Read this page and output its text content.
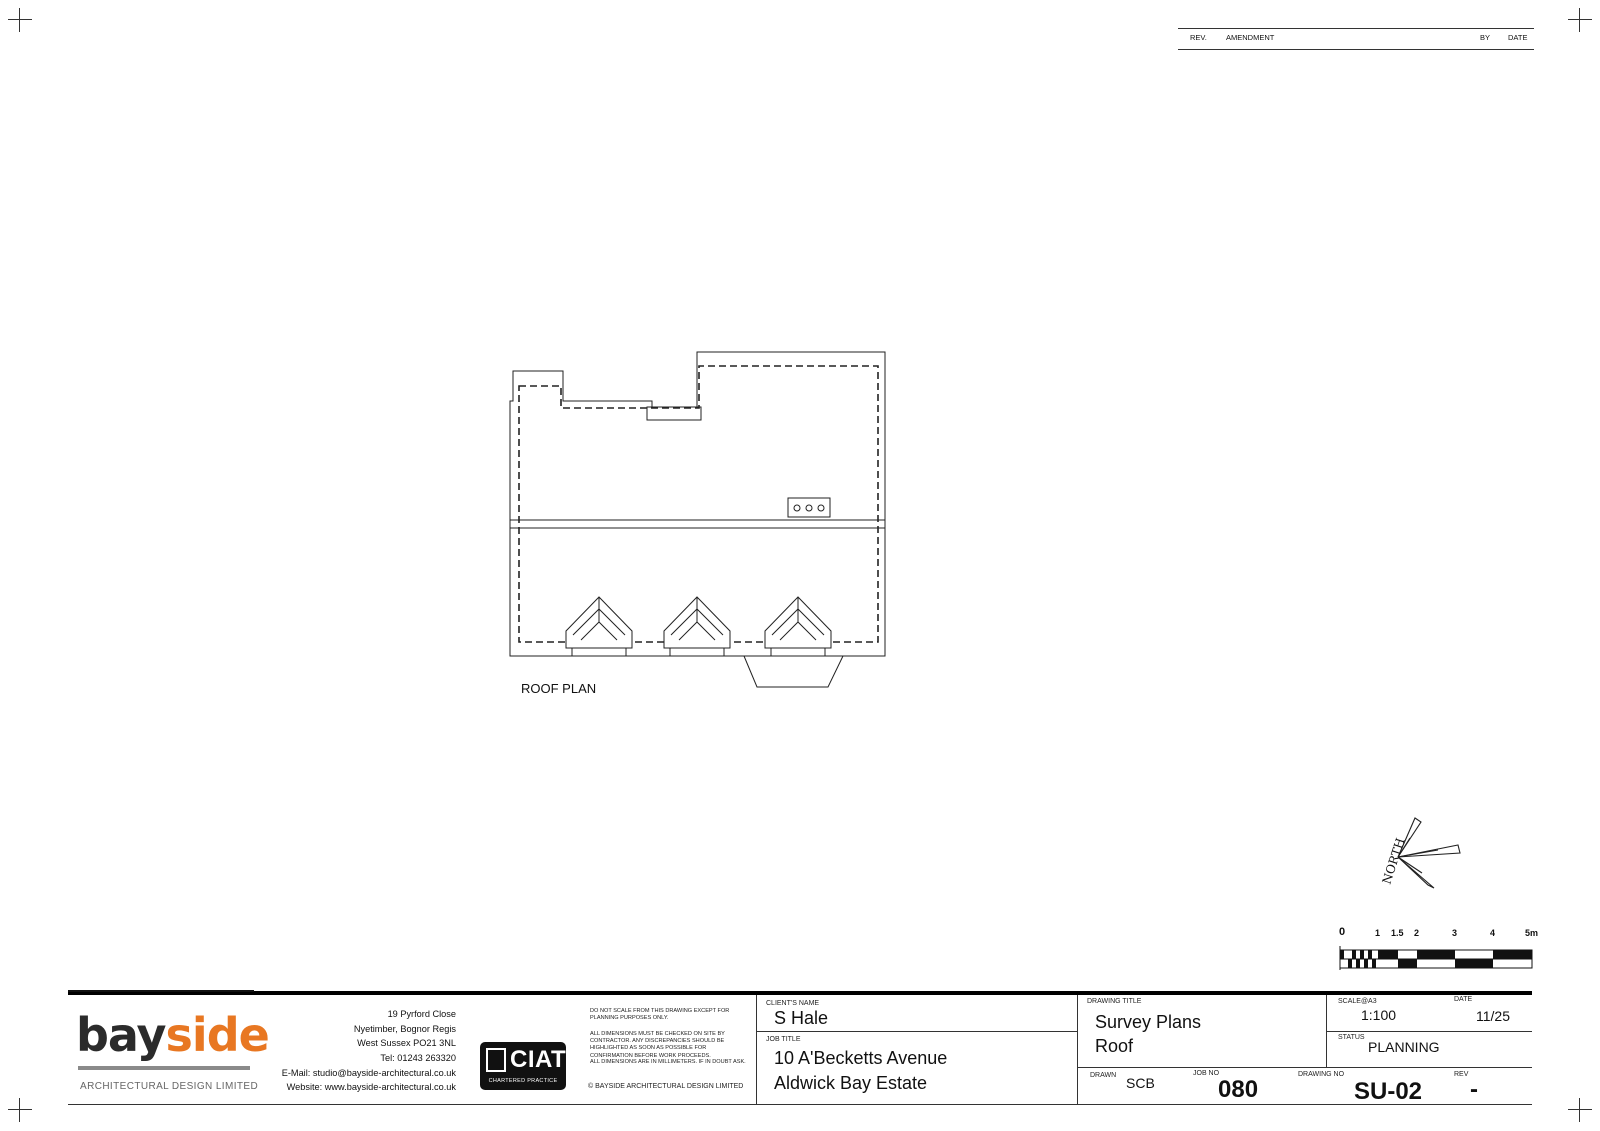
REV.	AMENDMENT	BY DATE
ROOF PLAN
NORTH
0	1 1.5 2	3	4	5m
bayside
ARCHITECTURAL DESIGN LIMITED
19 Pyrford Close
Nyetimber, Bognor Regis
West Sussex PO21 3NL
Tel: 01243 263320
E-Mail: studio@bayside-architectural.co.uk
Website: www.bayside-architectural.co.uk
CIAT
CHARTERED PRACTICE
DO NOT SCALE FROM THIS DRAWING EXCEPT FOR PLANNING PURPOSES ONLY.
ALL DIMENSIONS MUST BE CHECKED ON SITE BY CONTRACTOR. ANY DISCREPANCIES SHOULD BE HIGHLIGHTED AS SOON AS POSSIBLE FOR CONFIRMATION BEFORE WORK PROCEEDS.
ALL DIMENSIONS ARE IN MILLIMETERS. IF IN DOUBT ASK.
© BAYSIDE ARCHITECTURAL DESIGN LIMITED
CLIENT'S NAME
S Hale
JOB TITLE
10 A'Becketts Avenue
Aldwick Bay Estate
DRAWING TITLE
Survey Plans
Roof
SCALE@A3
1:100
DATE
11/25
STATUS
PLANNING
DRAWN SCB
JOB NO
080
DRAWING NO
SU-02
REV
-
